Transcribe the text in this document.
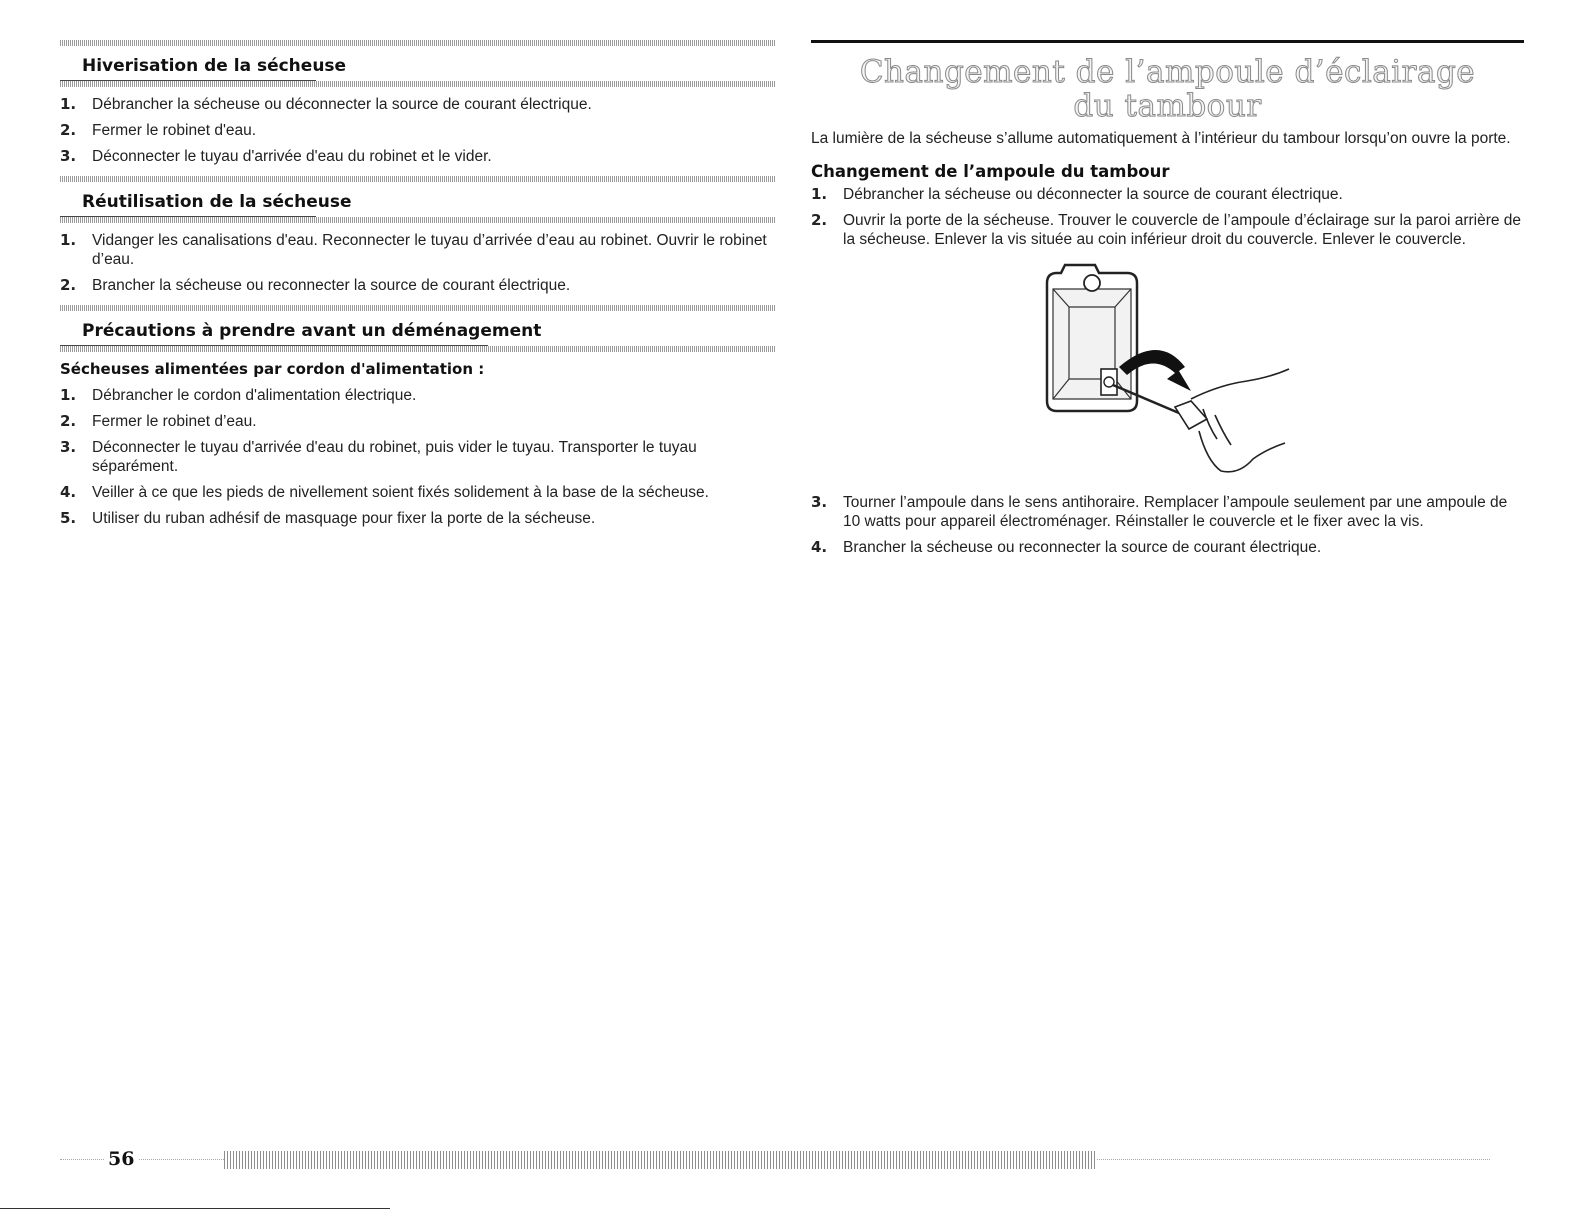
Hiverisation de la sécheuse
1.	Débrancher la sécheuse ou déconnecter la source de courant électrique.
2.	Fermer le robinet d'eau.
3.	Déconnecter le tuyau d'arrivée d'eau du robinet et le vider.
Réutilisation de la sécheuse
1.	Vidanger les canalisations d'eau. Reconnecter le tuyau d’arrivée d’eau au robinet. Ouvrir le robinet d’eau.
2.	Brancher la sécheuse ou reconnecter la source de courant électrique.
Précautions à prendre avant un déménagement
Sécheuses alimentées par cordon d'alimentation :
1.	Débrancher le cordon d'alimentation électrique.
2.	Fermer le robinet d’eau.
3.	Déconnecter le tuyau d'arrivée d'eau du robinet, puis vider le tuyau. Transporter le tuyau séparément.
4.	Veiller à ce que les pieds de nivellement soient fixés solidement à la base de la sécheuse.
5.	Utiliser du ruban adhésif de masquage pour fixer la porte de la sécheuse.
Changement de l’ampoule d’éclairage
du tambour
La lumière de la sécheuse s’allume automatiquement à l’intérieur du tambour lorsqu’on ouvre la porte.
Changement de l’ampoule du tambour
1.	Débrancher la sécheuse ou déconnecter la source de courant électrique.
2.	Ouvrir la porte de la sécheuse. Trouver le couvercle de l’ampoule d’éclairage sur la paroi arrière de la sécheuse. Enlever la vis située au coin inférieur droit du couvercle. Enlever le couvercle.
3.	Tourner l’ampoule dans le sens antihoraire. Remplacer l’ampoule seulement par une ampoule de 10 watts pour appareil électroménager. Réinstaller le couvercle et le fixer avec la vis.
4.	Brancher la sécheuse ou reconnecter la source de courant électrique.
56
